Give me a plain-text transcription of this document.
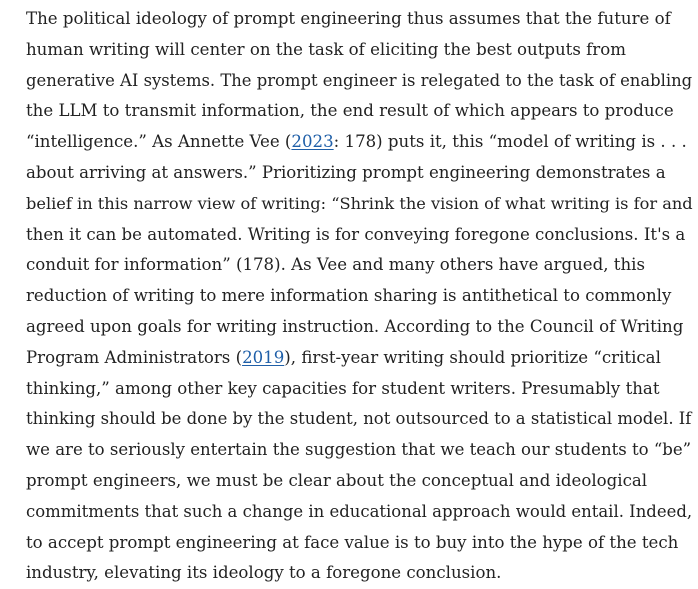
The political ideology of prompt engineering thus assumes that the future of
human writing will center on the task of eliciting the best outputs from
generative AI systems. The prompt engineer is relegated to the task of enabling
the LLM to transmit information, the end result of which appears to produce
“intelligence.” As Annette Vee (2023: 178) puts it, this “model of writing is . . .
about arriving at answers.” Prioritizing prompt engineering demonstrates a
belief in this narrow view of writing: “Shrink the vision of what writing is for and
then it can be automated. Writing is for conveying foregone conclusions. It's a
conduit for information” (178). As Vee and many others have argued, this
reduction of writing to mere information sharing is antithetical to commonly
agreed upon goals for writing instruction. According to the Council of Writing
Program Administrators (2019), first-year writing should prioritize “critical
thinking,” among other key capacities for student writers. Presumably that
thinking should be done by the student, not outsourced to a statistical model. If
we are to seriously entertain the suggestion that we teach our students to “be”
prompt engineers, we must be clear about the conceptual and ideological
commitments that such a change in educational approach would entail. Indeed,
to accept prompt engineering at face value is to buy into the hype of the tech
industry, elevating its ideology to a foregone conclusion.
